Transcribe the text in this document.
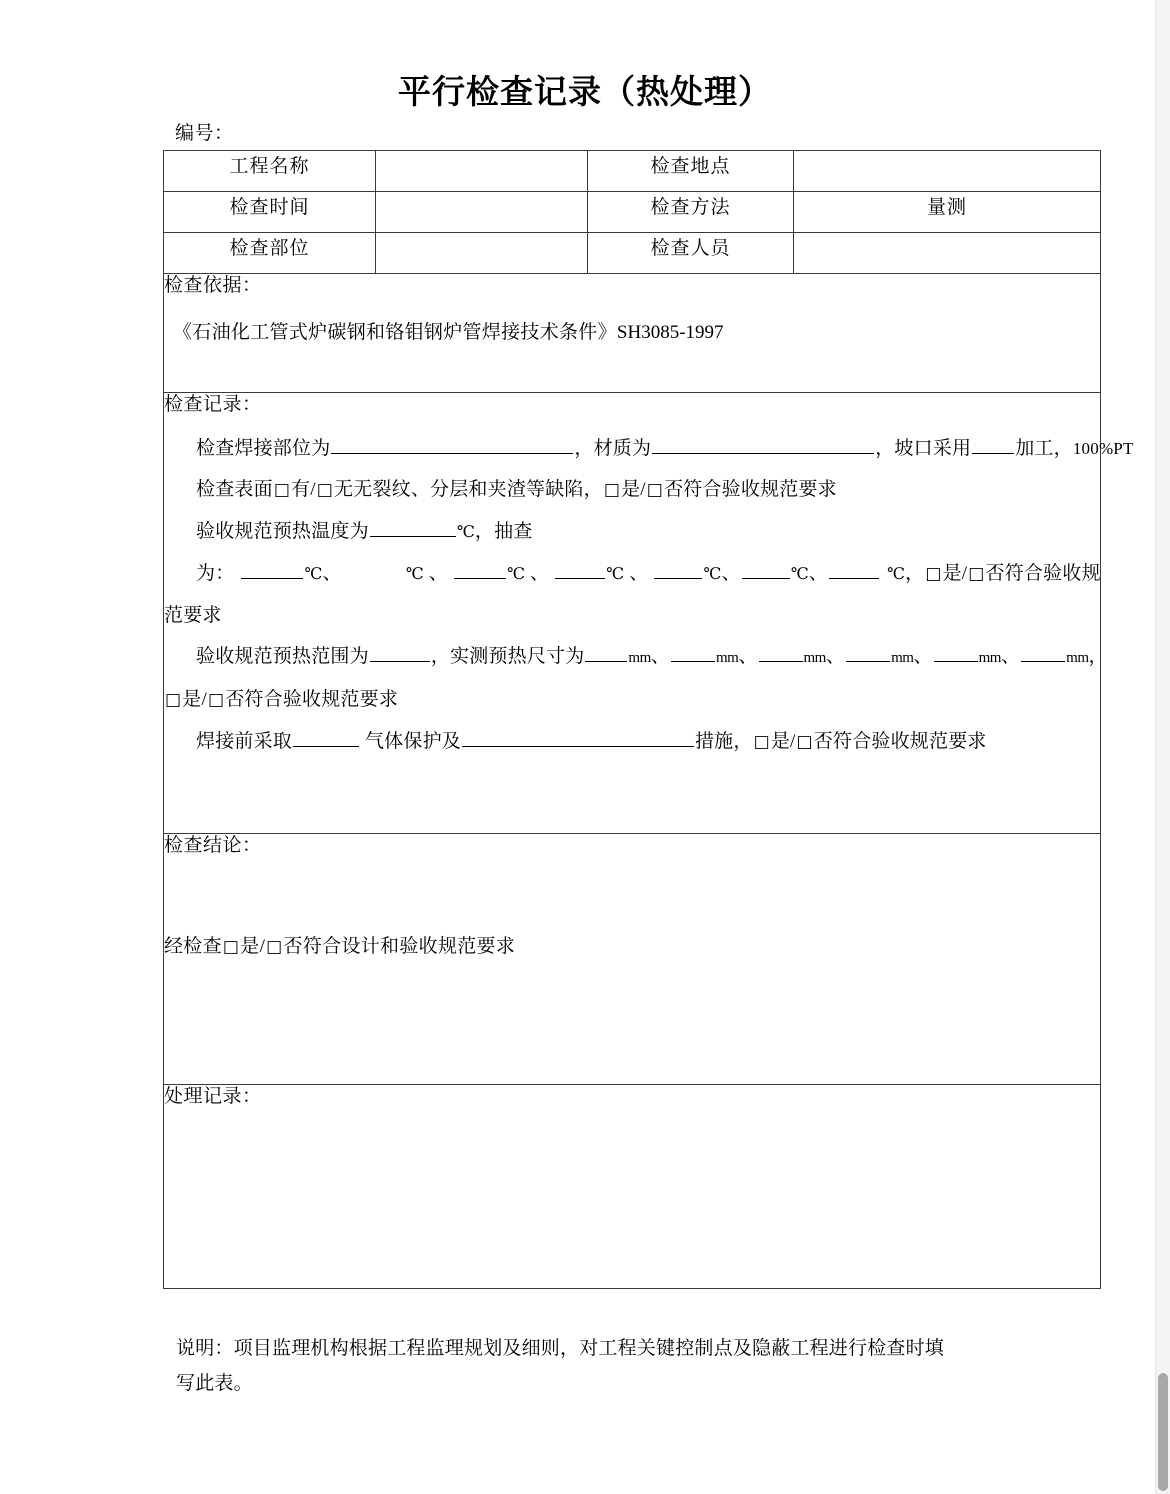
平行检查记录（热处理）
编号：
工程名称		检查地点	
检查时间		检查方法	量测
检查部位		检查人员	

检查依据：
《石油化工管式炉碳钢和铬钼钢炉管焊接技术条件》SH3085-1997			

检查记录：
检查焊接部位为	，材质为	，坡口采用 加工，100%PT
检查表面□有/□无无裂纹、分层和夹渣等缺陷，□是/□否符合验收规范要求
验收规范预热温度为	℃，抽查
为：	℃、	℃ 、	℃ 、	℃ 、	℃、	℃、	℃，□是/□否符合验收规
范要求
验收规范预热范围为	，实测预热尺寸为	mm、	mm、	mm、	mm、	mm、	mm，
□是/□否符合验收规范要求
焊接前采取	气体保护及	措施，□是/□否符合验收规范要求

检查结论：
经检查□是/□否符合设计和验收规范要求			

处理记录：			
说明：项目监理机构根据工程监理规划及细则，对工程关键控制点及隐蔽工程进行检查时填
写此表。
